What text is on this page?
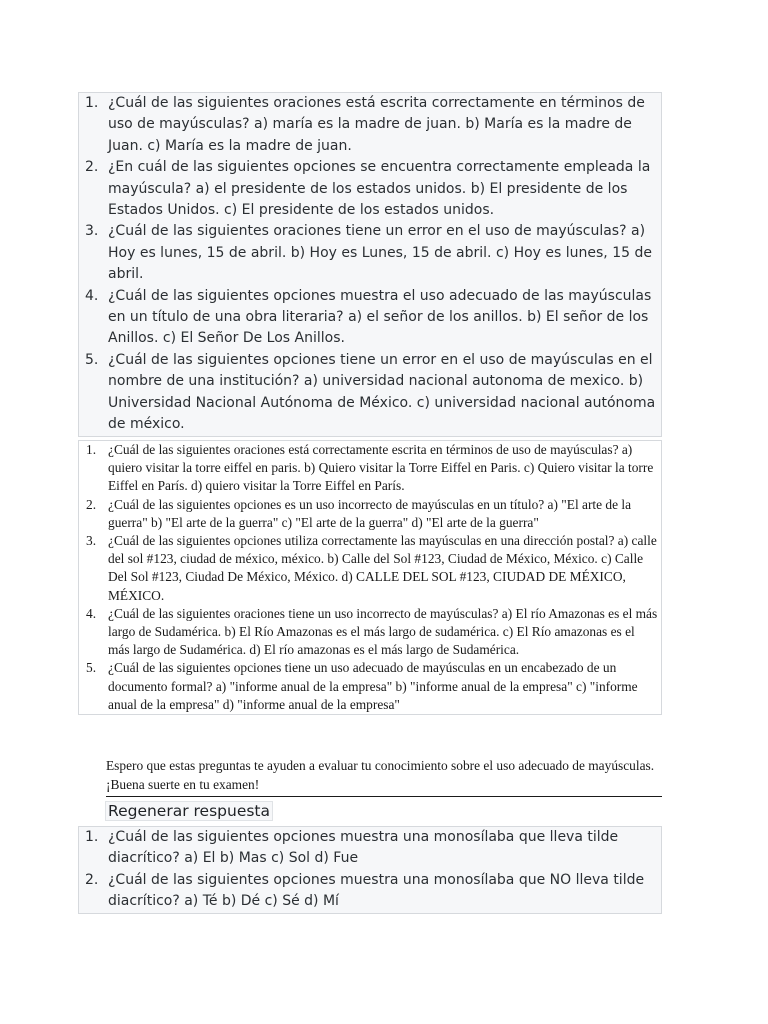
1. ¿Cuál de las siguientes oraciones está escrita correctamente en términos de uso de mayúsculas? a) maría es la madre de juan. b) María es la madre de Juan. c) María es la madre de juan.
2. ¿En cuál de las siguientes opciones se encuentra correctamente empleada la mayúscula? a) el presidente de los estados unidos. b) El presidente de los Estados Unidos. c) El presidente de los estados unidos.
3. ¿Cuál de las siguientes oraciones tiene un error en el uso de mayúsculas? a) Hoy es lunes, 15 de abril. b) Hoy es Lunes, 15 de abril. c) Hoy es lunes, 15 de abril.
4. ¿Cuál de las siguientes opciones muestra el uso adecuado de las mayúsculas en un título de una obra literaria? a) el señor de los anillos. b) El señor de los Anillos. c) El Señor De Los Anillos.
5. ¿Cuál de las siguientes opciones tiene un error en el uso de mayúsculas en el nombre de una institución? a) universidad nacional autonoma de mexico. b) Universidad Nacional Autónoma de México. c) universidad nacional autónoma de méxico.
1. ¿Cuál de las siguientes oraciones está correctamente escrita en términos de uso de mayúsculas? a) quiero visitar la torre eiffel en paris. b) Quiero visitar la Torre Eiffel en Paris. c) Quiero visitar la torre Eiffel en París. d) quiero visitar la Torre Eiffel en París.
2. ¿Cuál de las siguientes opciones es un uso incorrecto de mayúsculas en un título? a) "El arte de la guerra" b) "El arte de la guerra" c) "El arte de la guerra" d) "El arte de la guerra"
3. ¿Cuál de las siguientes opciones utiliza correctamente las mayúsculas en una dirección postal? a) calle del sol #123, ciudad de méxico, méxico. b) Calle del Sol #123, Ciudad de México, México. c) Calle Del Sol #123, Ciudad De México, México. d) CALLE DEL SOL #123, CIUDAD DE MÉXICO, MÉXICO.
4. ¿Cuál de las siguientes oraciones tiene un uso incorrecto de mayúsculas? a) El río Amazonas es el más largo de Sudamérica. b) El Río Amazonas es el más largo de sudamérica. c) El Río amazonas es el más largo de Sudamérica. d) El río amazonas es el más largo de Sudamérica.
5. ¿Cuál de las siguientes opciones tiene un uso adecuado de mayúsculas en un encabezado de un documento formal? a) "informe anual de la empresa" b) "informe anual de la empresa" c) "informe anual de la empresa" d) "informe anual de la empresa"
Espero que estas preguntas te ayuden a evaluar tu conocimiento sobre el uso adecuado de mayúsculas. ¡Buena suerte en tu examen!
Regenerar respuesta
1. ¿Cuál de las siguientes opciones muestra una monosílaba que lleva tilde diacrítico? a) El b) Mas c) Sol d) Fue
2. ¿Cuál de las siguientes opciones muestra una monosílaba que NO lleva tilde diacrítico? a) Té b) Dé c) Sé d) Mí
